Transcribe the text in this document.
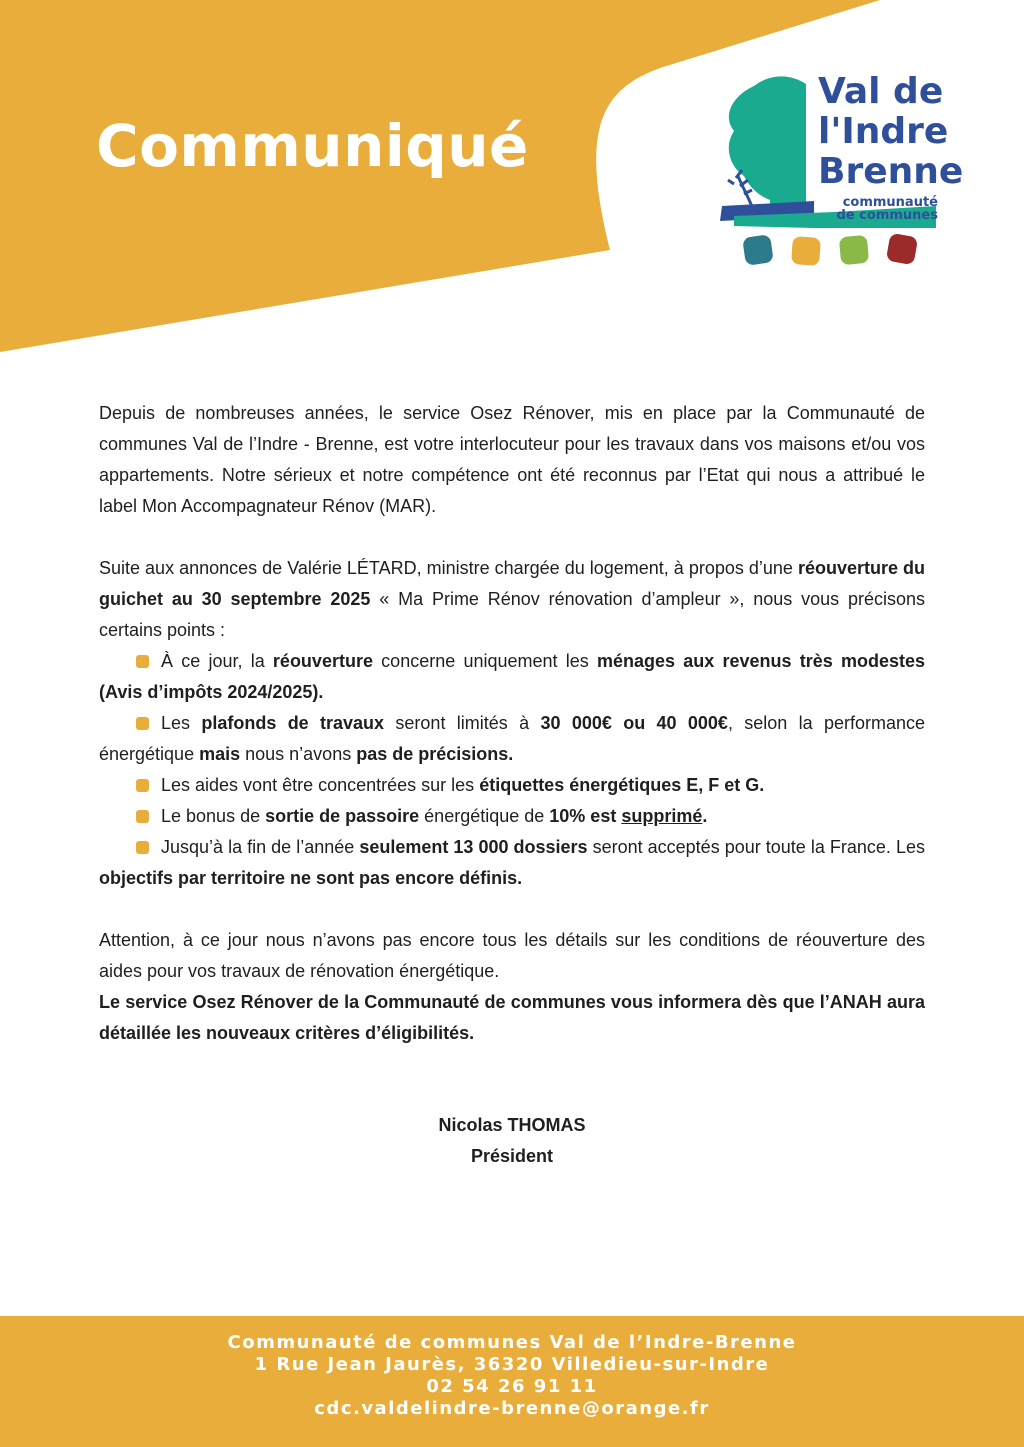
Communiqué
Val de
l'Indre
Brenne
communauté
de communes

Depuis de nombreuses années, le service Osez Rénover, mis en place par la Communauté de communes Val de l’Indre - Brenne, est votre interlocuteur pour les travaux dans vos maisons et/ou vos appartements. Notre sérieux et notre compétence ont été reconnus par l’Etat qui nous a attribué le label Mon Accompagnateur Rénov (MAR).

Suite aux annonces de Valérie LÉTARD, ministre chargée du logement, à propos d’une réouverture du guichet au 30 septembre 2025 « Ma Prime Rénov rénovation d’ampleur », nous vous précisons certains points :

À ce jour, la réouverture concerne uniquement les ménages aux revenus très modestes (Avis d’impôts 2024/2025).

Les plafonds de travaux seront limités à 30 000€ ou 40 000€, selon la performance énergétique mais nous n’avons pas de précisions.

Les aides vont être concentrées sur les étiquettes énergétiques E, F et G.

Le bonus de sortie de passoire énergétique de 10% est supprimé.

Jusqu’à la fin de l’année seulement 13 000 dossiers seront acceptés pour toute la France. Les objectifs par territoire ne sont pas encore définis.

Attention, à ce jour nous n’avons pas encore tous les détails sur les conditions de réouverture des aides pour vos travaux de rénovation énergétique.

Le service Osez Rénover de la Communauté de communes vous informera dès que l’ANAH aura détaillée les nouveaux critères d’éligibilités.

Nicolas THOMAS
Président
Communauté de communes Val de l’Indre-Brenne
1 Rue Jean Jaurès, 36320 Villedieu-sur-Indre
02 54 26 91 11
cdc.valdelindre-brenne@orange.fr
